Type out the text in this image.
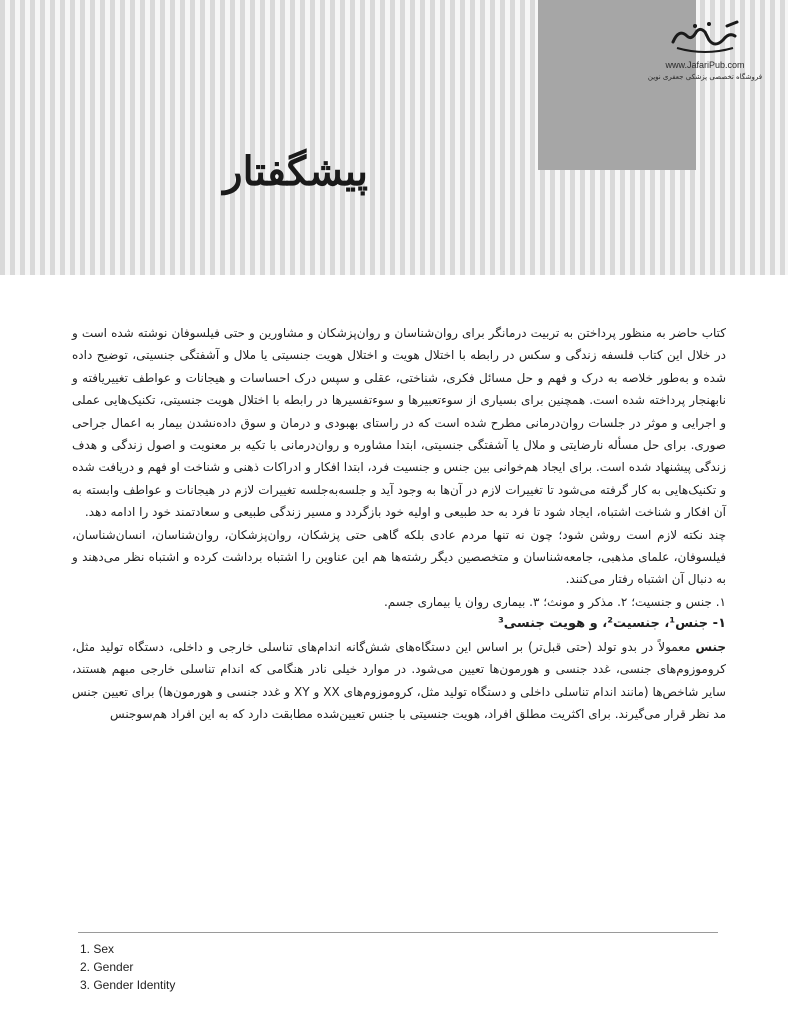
www.JafariPub.com
فروشگاه تخصصی پزشکی جعفری نوین
پیشگفتار

کتاب حاضر به منظور پرداختن به تربیت درمانگر برای روان‌شناسان و روان‌پزشکان و مشاورین و حتی فیلسوفان نوشته شده است و در خلال این کتاب فلسفه زندگی و سکس در رابطه با اختلال هویت و اختلال هویت جنسیتی یا ملال و آشفتگی جنسیتی، توضیح داده شده و به‌طور خلاصه به درک و فهم و حل مسائل فکری، شناختی، عقلی و سپس درک احساسات و هیجانات و عواطف تغییریافته و نابهنجار پرداخته شده است. همچنین برای بسیاری از سوءتعبیرها و سوءتفسیرها در رابطه با اختلال هویت جنسیتی، تکنیک‌هایی عملی و اجرایی و موثر در جلسات روان‌درمانی مطرح شده است که در راستای بهبودی و درمان و سوق داده‌نشدن بیمار به اعمال جراحی صوری. برای حل مسأله نارضایتی و ملال یا آشفتگی جنسیتی، ابتدا مشاوره و روان‌درمانی با تکیه بر معنویت و اصول زندگی و هدف زندگی پیشنهاد شده است. برای ایجاد هم‌خوانی بین جنس و جنسیت فرد، ابتدا افکار و ادراکات ذهنی و شناخت او فهم و دریافت شده و تکنیک‌هایی به کار گرفته می‌شود تا تغییرات لازم در آن‌ها به وجود آید و جلسه‌به‌جلسه تغییرات لازم در هیجانات و عواطف وابسته به آن افکار و شناخت اشتباه، ایجاد شود تا فرد به حد طبیعی و اولیه خود بازگردد و مسیر زندگی طبیعی و سعادتمند خود را ادامه دهد.

چند نکته لازم است روشن شود؛ چون نه تنها مردم عادی بلکه گاهی حتی پزشکان، روان‌پزشکان، روان‌شناسان، انسان‌شناسان، فیلسوفان، علمای مذهبی، جامعه‌شناسان و متخصصین دیگر رشته‌ها هم این عناوین را اشتباه برداشت کرده و اشتباه نظر می‌دهند و به دنبال آن اشتباه رفتار می‌کنند.

۱. جنس و جنسیت؛ ۲. مذکر و مونث؛ ۳. بیماری روان یا بیماری جسم.

۱- جنس¹، جنسیت²، و هویت جنسی³

جنس معمولاً در بدو تولد (حتی قبل‌تر) بر اساس این دستگاه‌های شش‌گانه اندام‌های تناسلی خارجی و داخلی، دستگاه تولید مثل، کروموزوم‌های جنسی، غدد جنسی و هورمون‌ها تعیین می‌شود. در موارد خیلی نادر هنگامی که اندام تناسلی خارجی مبهم هستند، سایر شاخص‌ها (مانند اندام تناسلی داخلی و دستگاه تولید مثل، کروموزوم‌های XX و XY و غدد جنسی و هورمون‌ها) برای تعیین جنس مد نظر قرار می‌گیرند. برای اکثریت مطلق افراد، هویت جنسیتی با جنس تعیین‌شده مطابقت دارد که به این افراد هم‌سوجنس

1. Sex
2. Gender
3. Gender Identity
